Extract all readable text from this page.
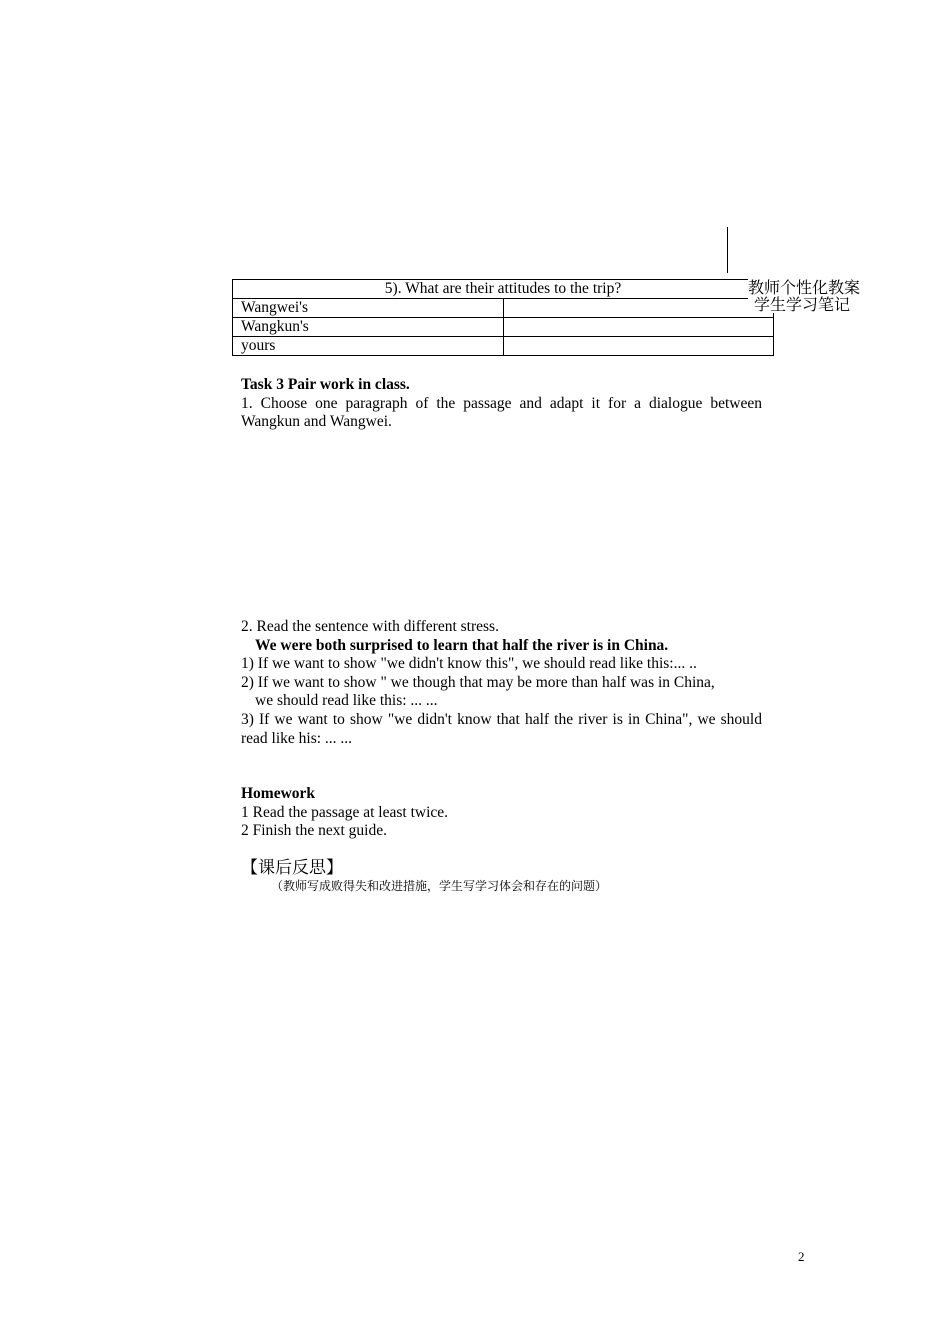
教师个性化教案
学生学习笔记
5). What are their attitudes to the trip?	
Wangwei's	
Wangkun's	
yours	

Task 3 Pair work in class.

1. Choose one paragraph of the passage and adapt it for a dialogue between Wangkun and Wangwei.

2. Read the sentence with different stress.

We were both surprised to learn that half the river is in China.

1) If we want to show "we didn't know this", we should read like this:... ..

2) If we want to show " we though that may be more than half was in China,

we should read like this: ... ...

3) If we want to show "we didn't know that half the river is in China", we should read like his: ... ...

Homework

1 Read the passage at least twice.

2 Finish the next guide.

【课后反思】
（教师写成败得失和改进措施，学生写学习体会和存在的问题）
2
